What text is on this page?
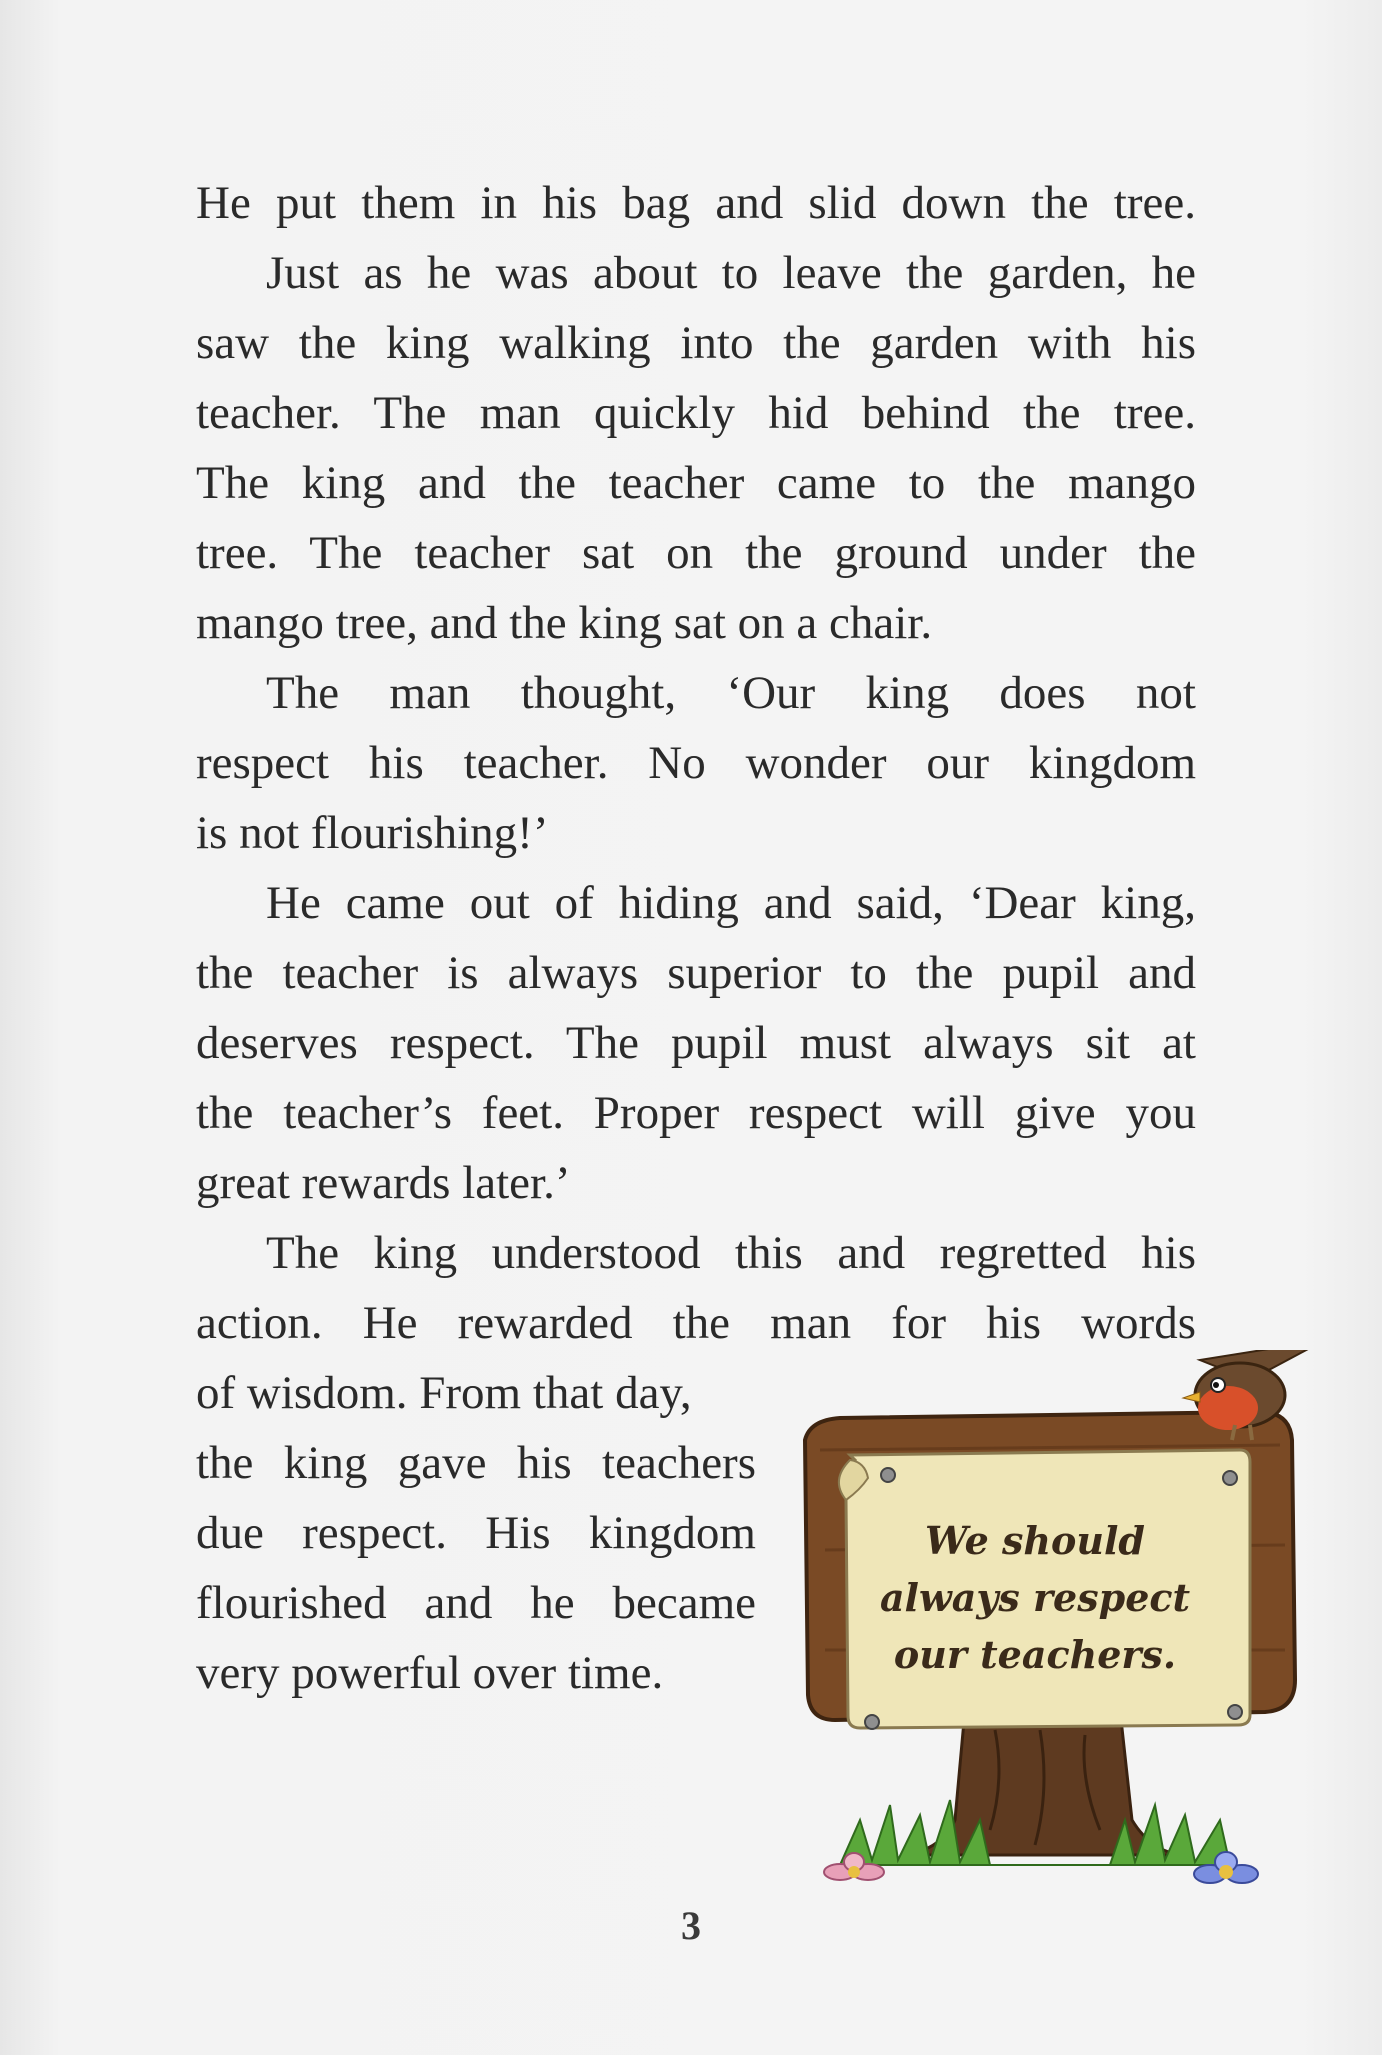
He put them in his bag and slid down the tree.
Just as he was about to leave the garden, he
saw the king walking into the garden with his
teacher. The man quickly hid behind the tree.
The king and the teacher came to the mango
tree. The teacher sat on the ground under the
mango tree, and the king sat on a chair.
The man thought, ‘Our king does not
respect his teacher. No wonder our kingdom
is not flourishing!’
He came out of hiding and said, ‘Dear king,
the teacher is always superior to the pupil and
deserves respect. The pupil must always sit at
the teacher’s feet. Proper respect will give you
great rewards later.’
The king understood this and regretted his
action. He rewarded the man for his words
of wisdom. From that day,
the king gave his teachers
due respect. His kingdom
flourished and he became
very powerful over time.
We should
always respect
our teachers.
3
